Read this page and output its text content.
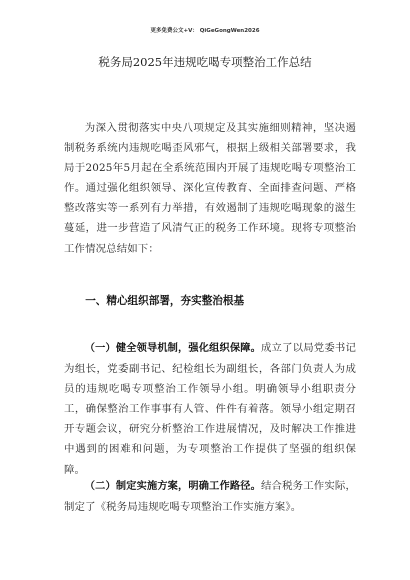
更多免费公文+V： QiGeGongWen2026
税务局2025年违规吃喝专项整治工作总结
为深入贯彻落实中央八项规定及其实施细则精神，坚决遏制税务系统内违规吃喝歪风邪气，根据上级相关部署要求，我局于2025年5月起在全系统范围内开展了违规吃喝专项整治工作。通过强化组织领导、深化宣传教育、全面排查问题、严格整改落实等一系列有力举措，有效遏制了违规吃喝现象的滋生蔓延，进一步营造了风清气正的税务工作环境。现将专项整治工作情况总结如下：
一、精心组织部署，夯实整治根基
（一）健全领导机制，强化组织保障。成立了以局党委书记为组长，党委副书记、纪检组长为副组长，各部门负责人为成员的违规吃喝专项整治工作领导小组。明确领导小组职责分工，确保整治工作事事有人管、件件有着落。领导小组定期召开专题会议，研究分析整治工作进展情况，及时解决工作推进中遇到的困难和问题，为专项整治工作提供了坚强的组织保障。
（二）制定实施方案，明确工作路径。结合税务工作实际，制定了《税务局违规吃喝专项整治工作实施方案》。
